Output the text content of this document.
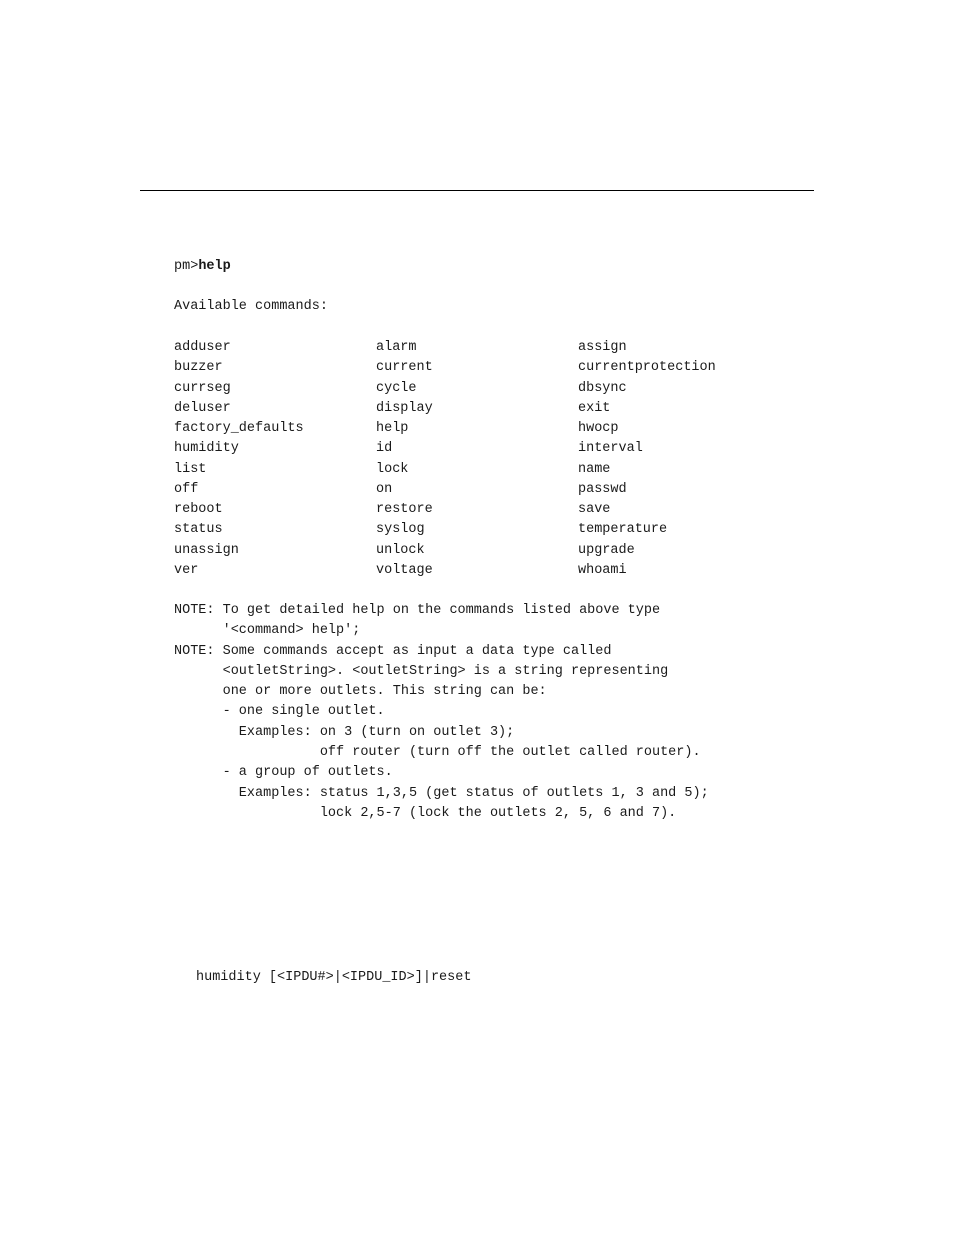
pm>help
Available commands:
adduser	alarm	assign
buzzer	current	currentprotection
currseg	cycle	dbsync
deluser	display	exit
factory_defaults	help	hwocp
humidity	id	interval
list	lock	name
off	on	passwd
reboot	restore	save
status	syslog	temperature
unassign	unlock	upgrade
ver	voltage	whoami
NOTE: To get detailed help on the commands listed above type
'<command> help';
NOTE: Some commands accept as input a data type called
<outletString>. <outletString> is a string representing
one or more outlets. This string can be:
- one single outlet.
Examples: on 3 (turn on outlet 3);
off router (turn off the outlet called router).
- a group of outlets.
Examples: status 1,3,5 (get status of outlets 1, 3 and 5);
lock 2,5-7 (lock the outlets 2, 5, 6 and 7).
humidity [<IPDU#>|<IPDU_ID>]|reset
